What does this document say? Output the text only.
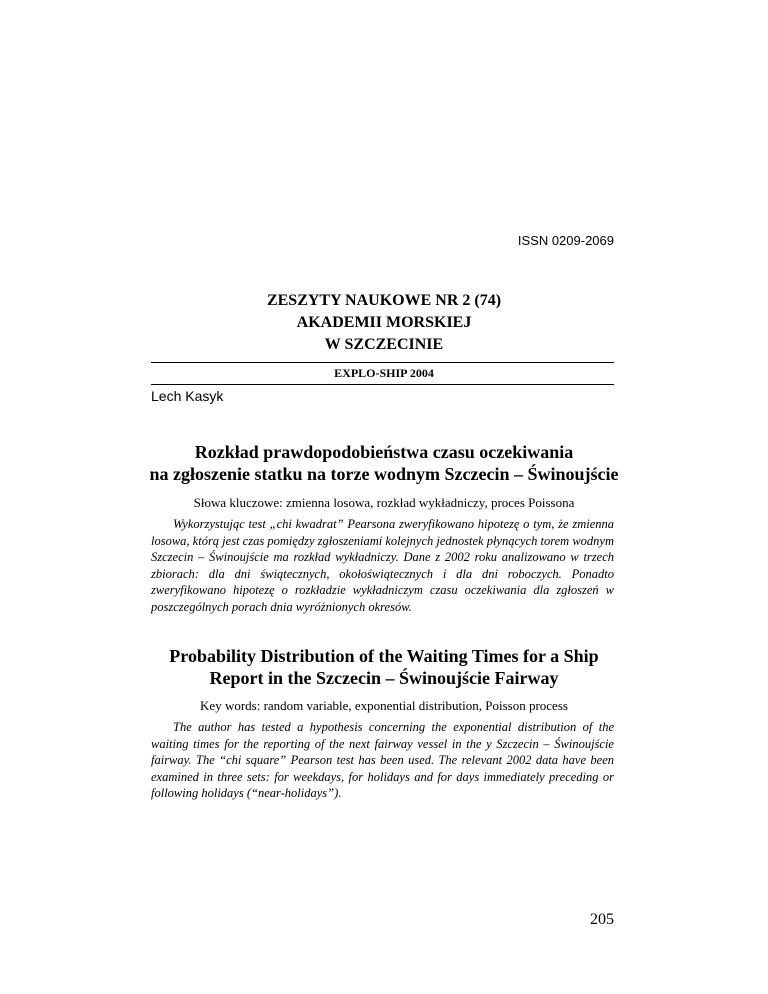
ISSN 0209-2069
ZESZYTY NAUKOWE NR 2 (74)
AKADEMII MORSKIEJ
W SZCZECINIE
EXPLO-SHIP 2004
Lech Kasyk
Rozkład prawdopodobieństwa czasu oczekiwania
na zgłoszenie statku na torze wodnym Szczecin – Świnoujście
Słowa kluczowe: zmienna losowa, rozkład wykładniczy, proces Poissona
Wykorzystując test „chi kwadrat” Pearsona zweryfikowano hipotezę o tym, że zmienna losowa, którą jest czas pomiędzy zgłoszeniami kolejnych jednostek płynących torem wodnym Szczecin – Świnoujście ma rozkład wykładniczy. Dane z 2002 roku analizowano w trzech zbiorach: dla dni świątecznych, okołoświątecznych i dla dni roboczych. Ponadto zweryfikowano hipotezę o rozkładzie wykładniczym czasu oczekiwania dla zgłoszeń w poszczególnych porach dnia wyróżnionych okresów.
Probability Distribution of the Waiting Times for a Ship
Report in the Szczecin – Świnoujście Fairway
Key words: random variable, exponential distribution, Poisson process
The author has tested a hypothesis concerning the exponential distribution of the waiting times for the reporting of the next fairway vessel in the y Szczecin – Świnoujście fairway. The “chi square” Pearson test has been used. The relevant 2002 data have been examined in three sets: for weekdays, for holidays and for days immediately preceding or following holidays (“near-holidays”).
205
